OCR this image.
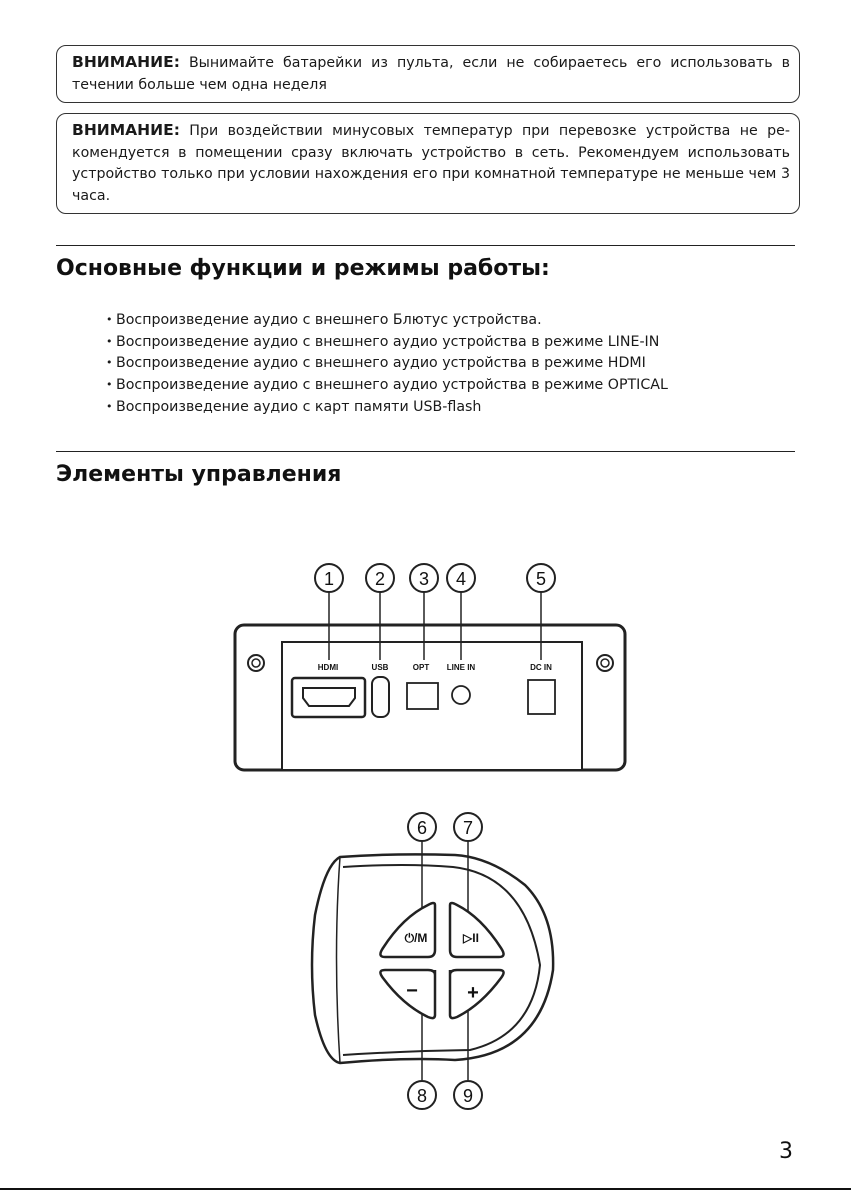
ВНИМАНИЕ: Вынимайте батарейки из пульта, если не собираетесь его использовать в течении больше чем одна неделя
ВНИМАНИЕ: При воздействии минусовых температур при перевозке устройства не ре-комендуется в помещении сразу включать устройство в сеть. Рекомендуем использовать устройство только при условии нахождения его при комнатной температуре не меньше чем 3 часа.
Основные функции и режимы работы:
• Воспроизведение аудио с внешнего Блютус устройства.
• Воспроизведение аудио с внешнего аудио устройства в режиме LINE-IN
• Воспроизведение аудио с внешнего аудио устройства в режиме HDMI
• Воспроизведение аудио с внешнего аудио устройства в режиме OPTICAL
• Воспроизведение аудио с карт памяти USB-flash
Элементы управления
1 2 3 4	5
HDMI	USB	OPT LINE IN	DC IN
⏻/M	▷II
− +
6 7
8 9
3
